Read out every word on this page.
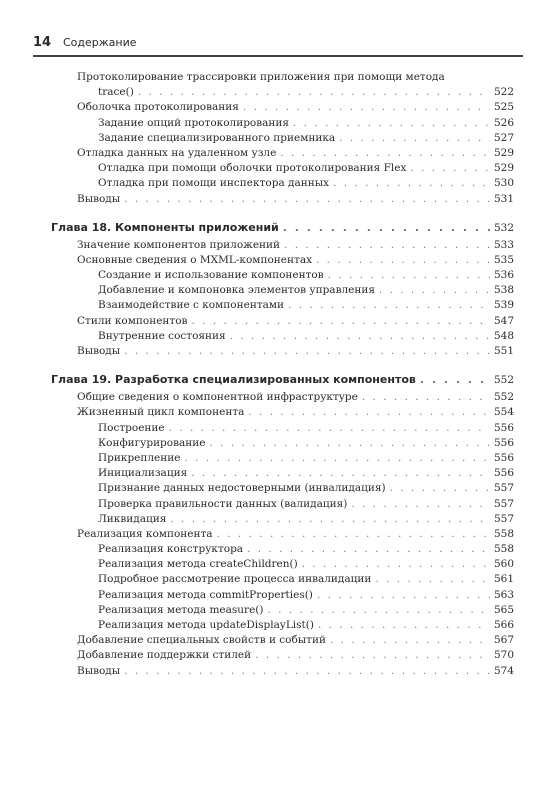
14 Содержание
Протоколирование трассировки приложения при помощи метода
trace() . . .	522
Оболочка протоколирования . . .	525
Задание опций протоколирования . . .	526
Задание специализированного приемника . . .	527
Отладка данных на удаленном узле . . .	529
Отладка при помощи оболочки протоколирования Flex . . .	529
Отладка при помощи инспектора данных . . .	530
Выводы . . .	531
Глава 18. Компоненты приложений . . .	532
Значение компонентов приложений . . .	533
Основные сведения о MXML-компонентах . . .	535
Создание и использование компонентов . . .	536
Добавление и компоновка элементов управления . . .	538
Взаимодействие с компонентами . . .	539
Стили компонентов . . .	547
Внутренние состояния . . .	548
Выводы . . .	551
Глава 19. Разработка специализированных компонентов . . .	552
Общие сведения о компонентной инфраструктуре . . .	552
Жизненный цикл компонента . . .	554
Построение . . .	556
Конфигурирование . . .	556
Прикрепление . . .	556
Инициализация . . .	556
Признание данных недостоверными (инвалидация) . . .	557
Проверка правильности данных (валидация) . . .	557
Ликвидация . . .	557
Реализация компонента . . .	558
Реализация конструктора . . .	558
Реализация метода createChildren() . . .	560
Подробное рассмотрение процесса инвалидации . . .	561
Реализация метода commitProperties() . . .	563
Реализация метода measure() . . .	565
Реализация метода updateDisplayList() . . .	566
Добавление специальных свойств и событий . . .	567
Добавление поддержки стилей . . .	570
Выводы . . .	574
